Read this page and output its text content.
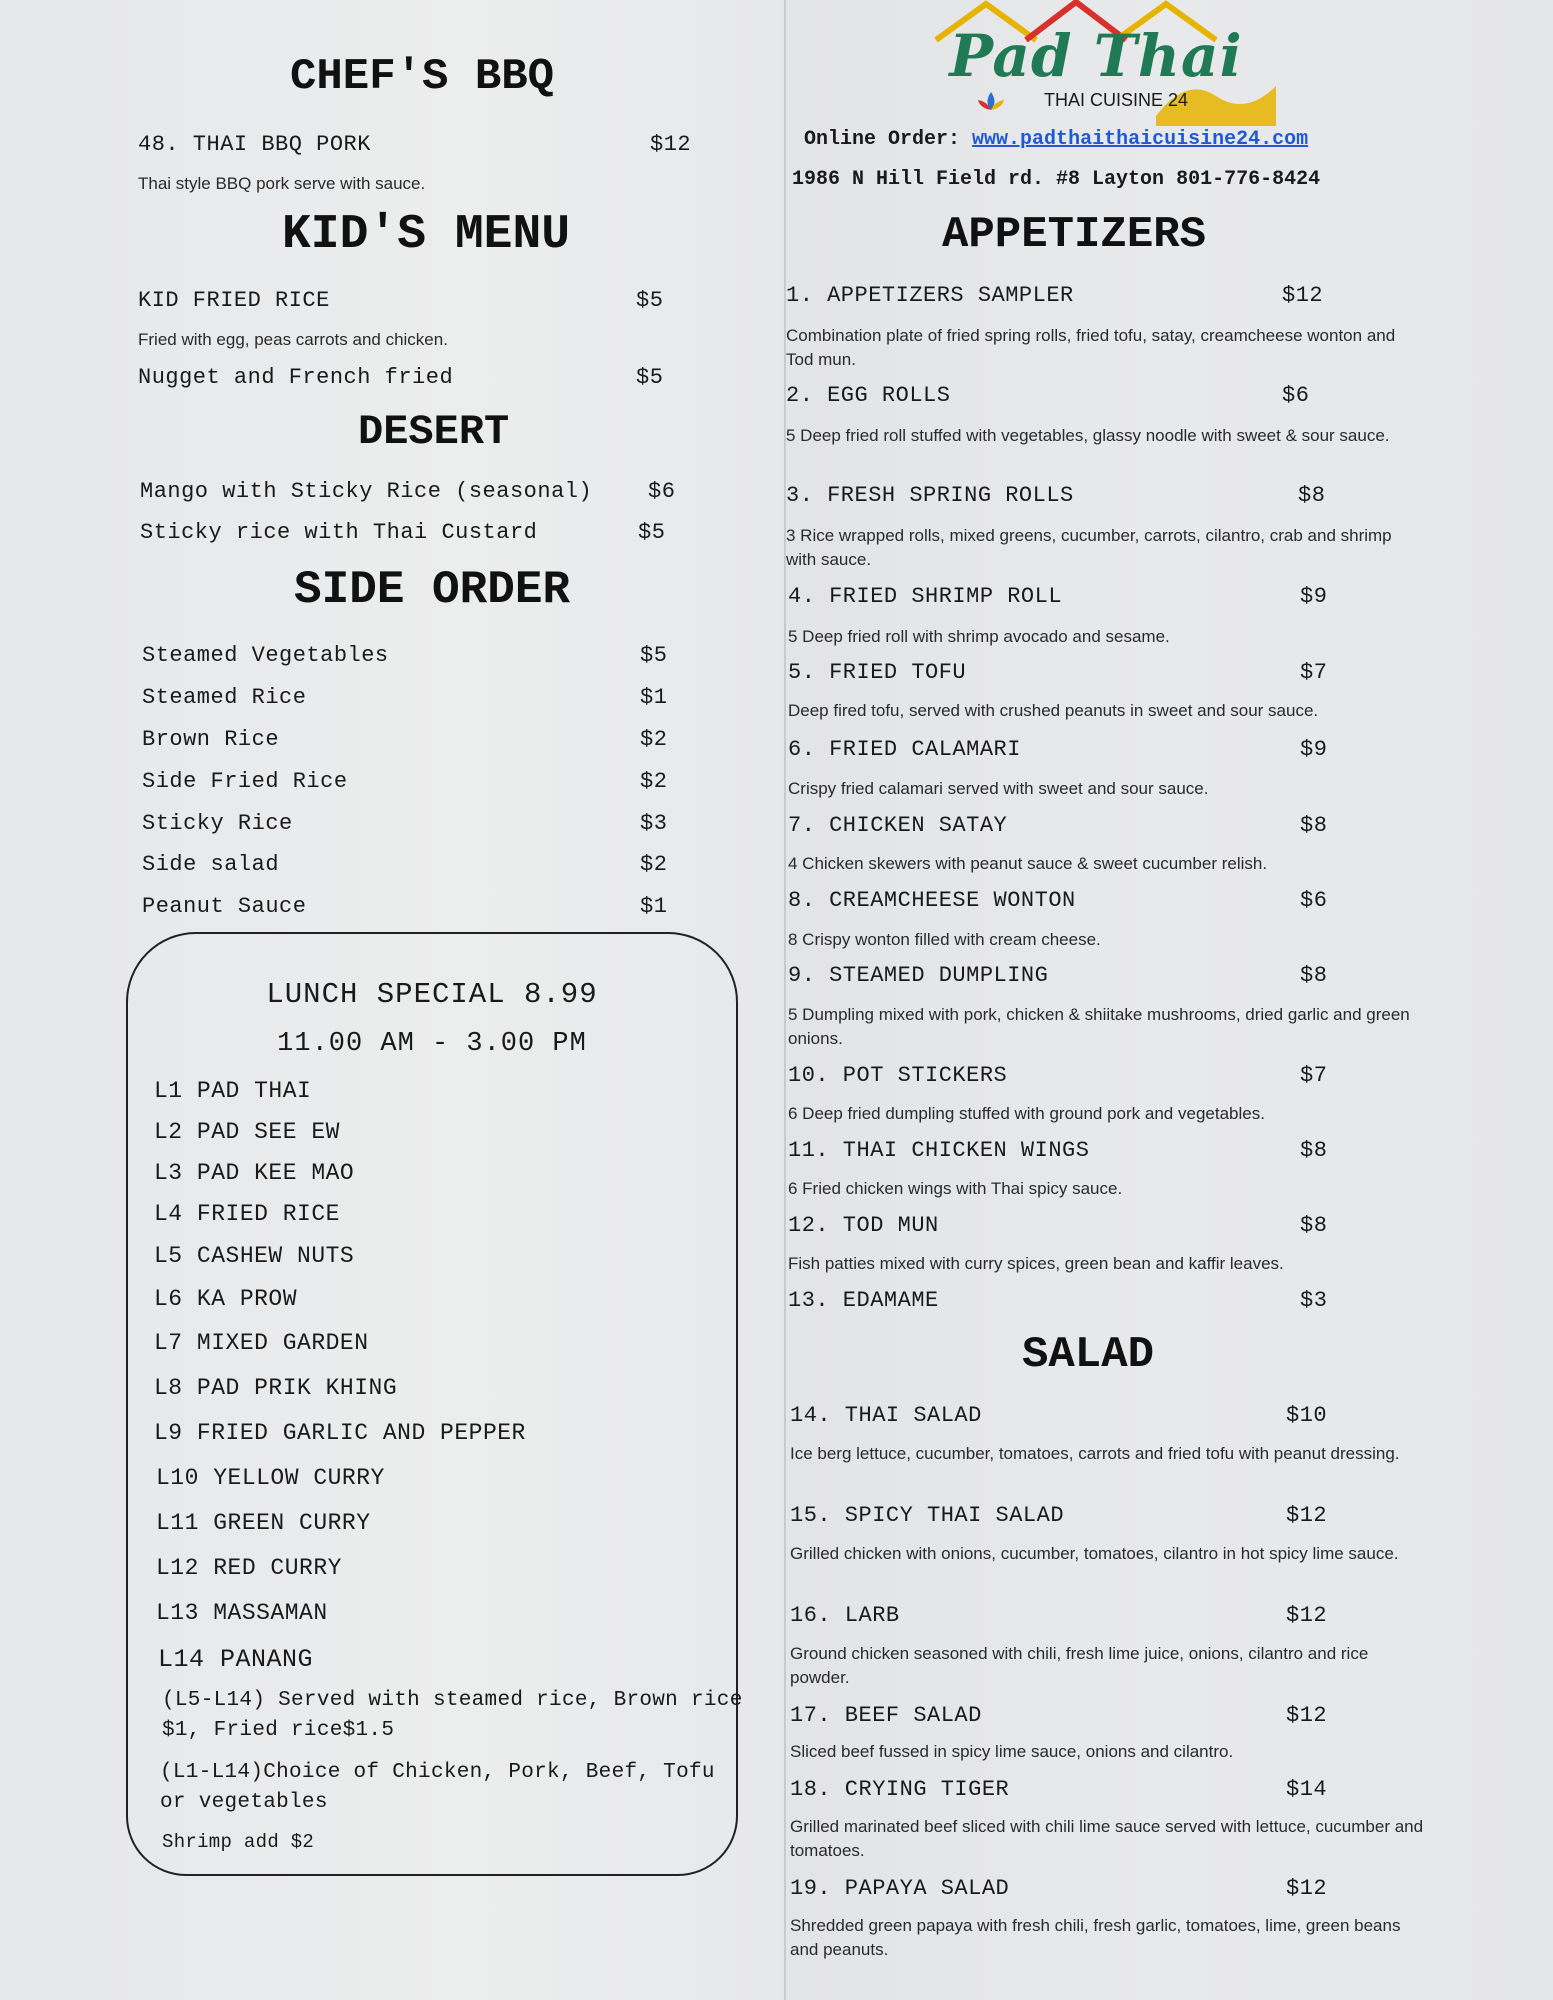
CHEF'S BBQ
48. THAI BBQ PORK	$12
Thai style BBQ pork serve with sauce.
KID'S MENU
KID FRIED RICE	$5
Fried with egg, peas carrots and chicken.
Nugget and French fried	$5
DESERT
Mango with Sticky Rice (seasonal)	$6
Sticky rice with Thai Custard	$5
SIDE ORDER
Steamed Vegetables	$5
Steamed Rice	$1
Brown Rice	$2
Side Fried Rice	$2
Sticky Rice	$3
Side salad	$2
Peanut Sauce	$1
LUNCH SPECIAL 8.99
11.00 AM - 3.00 PM
L1 PAD THAI
L2 PAD SEE EW
L3 PAD KEE MAO
L4 FRIED RICE
L5 CASHEW NUTS
L6 KA PROW
L7 MIXED GARDEN
L8 PAD PRIK KHING
L9 FRIED GARLIC AND PEPPER
L10 YELLOW CURRY
L11 GREEN CURRY
L12 RED CURRY
L13 MASSAMAN
L14 PANANG
(L5-L14) Served with steamed rice, Brown rice $1, Fried rice$1.5
(L1-L14)Choice of Chicken, Pork, Beef, Tofu or vegetables
Shrimp add $2
Pad Thai
THAI CUISINE 24
Online Order: www.padthaithaicuisine24.com
1986 N Hill Field rd. #8 Layton 801-776-8424
APPETIZERS
1. APPETIZERS SAMPLER	$12
Combination plate of fried spring rolls, fried tofu, satay, creamcheese wonton and Tod mun.
2. EGG ROLLS	$6
5 Deep fried roll stuffed with vegetables, glassy noodle with sweet & sour sauce.
3. FRESH SPRING ROLLS	$8
3 Rice wrapped rolls, mixed greens, cucumber, carrots, cilantro, crab and shrimp with sauce.
4. FRIED SHRIMP ROLL	$9
5 Deep fried roll with shrimp avocado and sesame.
5. FRIED TOFU	$7
Deep fired tofu, served with crushed peanuts in sweet and sour sauce.
6. FRIED CALAMARI	$9
Crispy fried calamari served with sweet and sour sauce.
7. CHICKEN SATAY	$8
4 Chicken skewers with peanut sauce & sweet cucumber relish.
8. CREAMCHEESE WONTON	$6
8 Crispy wonton filled with cream cheese.
9. STEAMED DUMPLING	$8
5 Dumpling mixed with pork, chicken & shiitake mushrooms, dried garlic and green onions.
10. POT STICKERS	$7
6 Deep fried dumpling stuffed with ground pork and vegetables.
11. THAI CHICKEN WINGS	$8
6 Fried chicken wings with Thai spicy sauce.
12. TOD MUN	$8
Fish patties mixed with curry spices, green bean and kaffir leaves.
13. EDAMAME	$3
SALAD
14. THAI SALAD	$10
Ice berg lettuce, cucumber, tomatoes, carrots and fried tofu with peanut dressing.
15. SPICY THAI SALAD	$12
Grilled chicken with onions, cucumber, tomatoes, cilantro in hot spicy lime sauce.
16. LARB	$12
Ground chicken seasoned with chili, fresh lime juice, onions, cilantro and rice powder.
17. BEEF SALAD	$12
Sliced beef fussed in spicy lime sauce, onions and cilantro.
18. CRYING TIGER	$14
Grilled marinated beef sliced with chili lime sauce served with lettuce, cucumber and tomatoes.
19. PAPAYA SALAD	$12
Shredded green papaya with fresh chili, fresh garlic, tomatoes, lime, green beans and peanuts.
